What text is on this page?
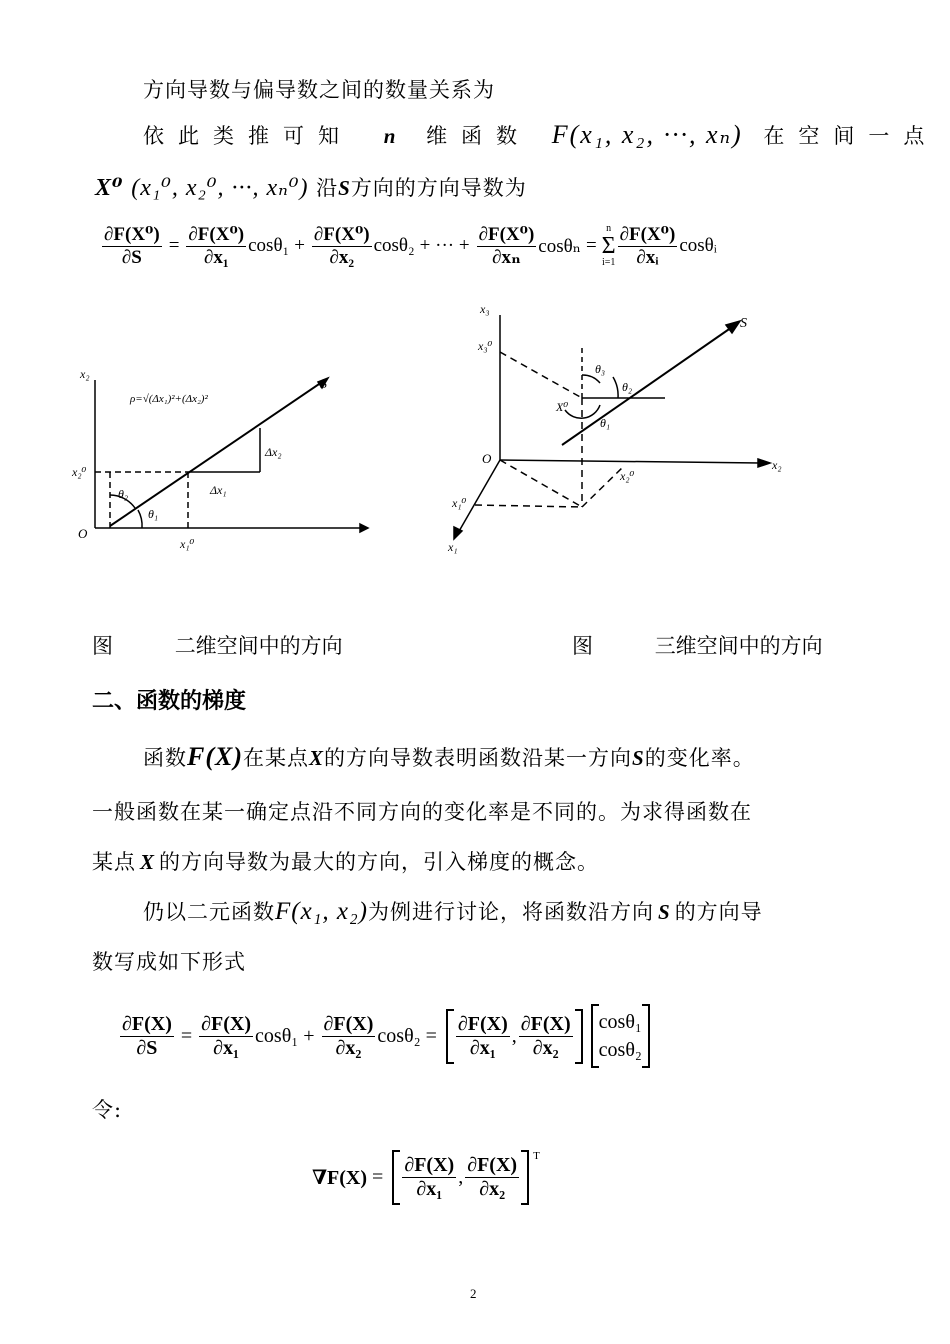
方向导数与偏导数之间的数量关系为
依此类推可知 n 维函数 F(x₁, x₂, ···, xₙ) 在空间一点
X⁰ (x₁⁰, x₂⁰, ···, xₙ⁰) 沿S方向的方向导数为
$\frac{\text{∂F(X⁰)}}{\partial S} = \frac{\text{∂F(X⁰)}}{\text{∂x₁}} \cos\theta_1 + \frac{\text{∂F(X⁰)}}{\text{∂x₂}} \cos\theta_2$ + ··· + $\frac{\text{∂F(X⁰)}}{\text{∂xₙ}}$ cosθₙ =
n
Σ
$i=1 \frac{\text{∂F(X⁰)}}{\text{∂xᵢ}}$ cosθᵢ
x₂
O
x₂⁰
x₁⁰
ρ=√(Δx₁)²+(Δx₂)²
S
Δx₁
Δx₂
θ₁
θ₂
x₃
x₃⁰
S
θ₃
θ₂
θ₁
X⁰
O	x₂
x₂⁰
x₁⁰
x₁
图	二维空间中的方向	图	三维空间中的方向
二、函数的梯度
函数F(X)在某点X的方向导数表明函数沿某一方向S的变化率。
一般函数在某一确定点沿不同方向的变化率是不同的。为求得函数在
某点 X 的方向导数为最大的方向，引入梯度的概念。
仍以二元函数F(x₁, x₂)为例进行讨论，将函数沿方向 S 的方向导
数写成如下形式
$\frac{\partial F(X)}{\partial S} = \frac{\partial F(X)}{\text{∂x₁}} \cos\theta_1 + \frac{\partial F(X)}{\text{∂x₂}} \cos\theta_2 = \frac{\partial F(X)}{\text{∂x₁}}$ , $\frac{\partial F(X)}{\text{∂x₂}} \cos\theta_1$
cosθ₂
令:
$\nabla F(X) = \frac{\partial F(X)}{\text{∂x₁}}$ , $\frac{\partial F(X)}{\text{∂x₂}} ^T$
2
